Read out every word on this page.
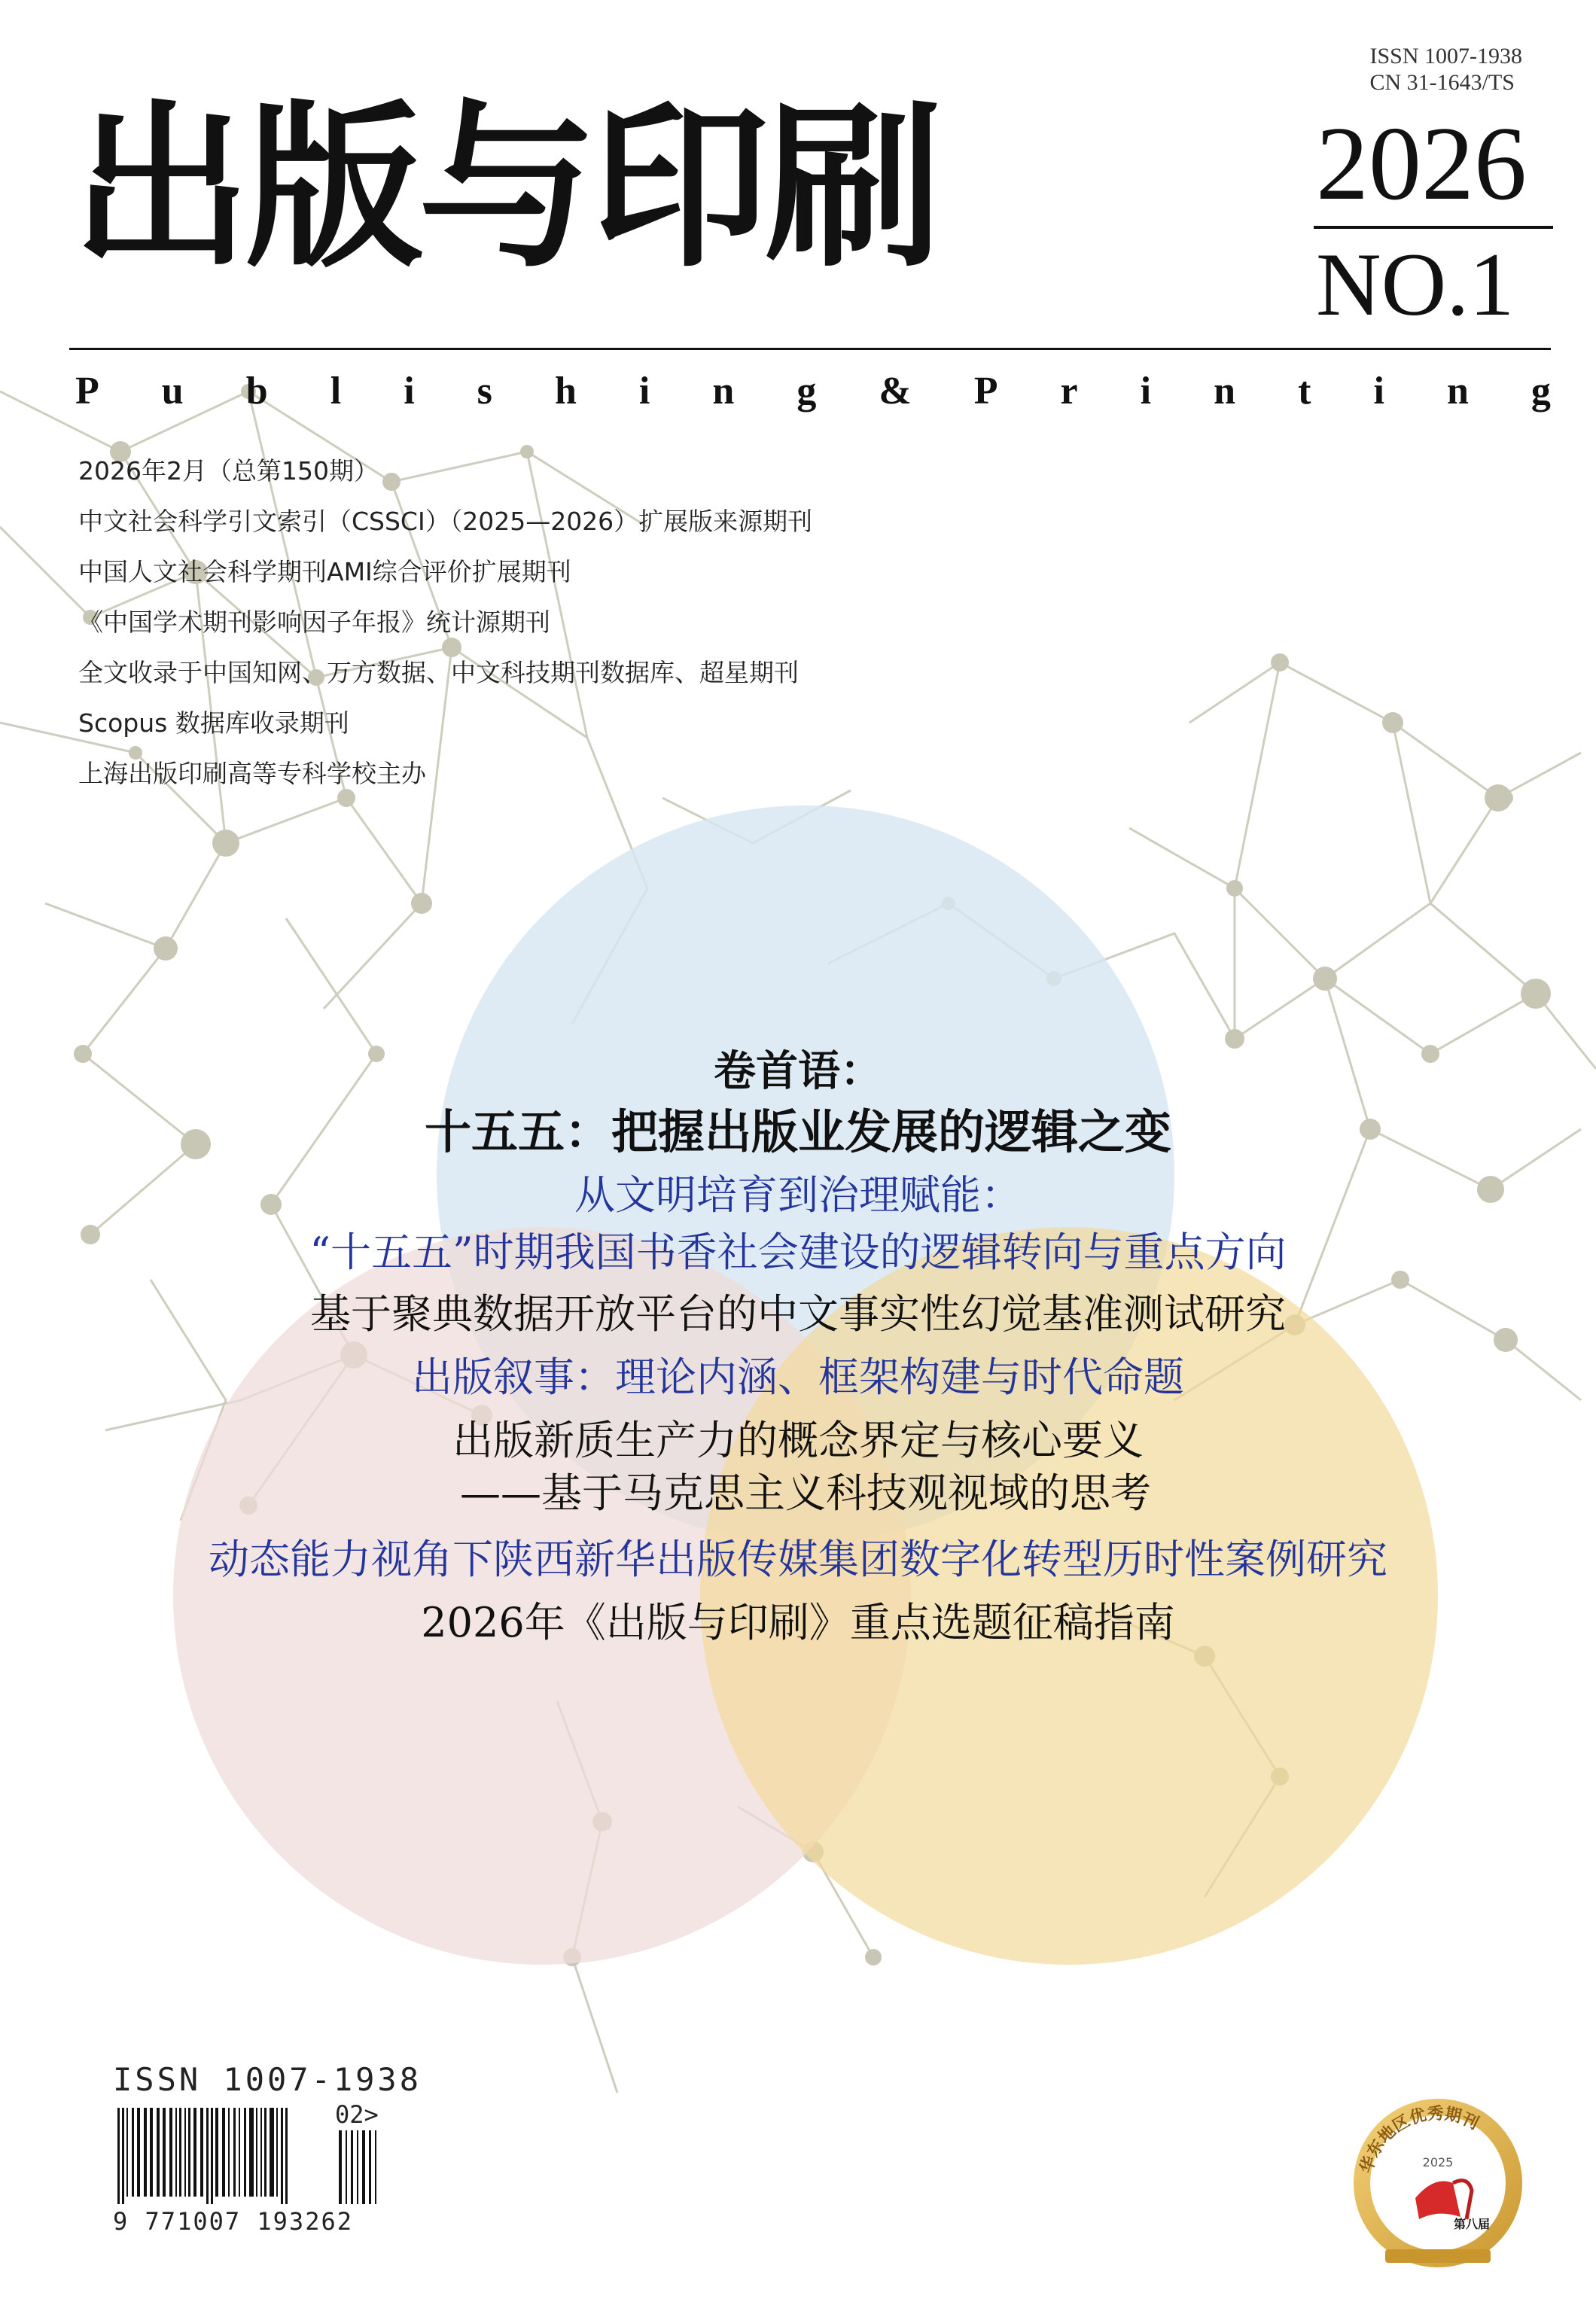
出版与印刷
ISSN 1007-1938
CN 31-1643/TS
2026
NO.1
P u b l i s h i n g & P r i n t i n g
2026年2月（总第150期）
中文社会科学引文索引（CSSCI）（2025—2026）扩展版来源期刊
中国人文社会科学期刊AMI综合评价扩展期刊
《中国学术期刊影响因子年报》统计源期刊
全文收录于中国知网、万方数据、中文科技期刊数据库、超星期刊
Scopus 数据库收录期刊
上海出版印刷高等专科学校主办
卷首语：
十五五：把握出版业发展的逻辑之变
从文明培育到治理赋能：
“十五五”时期我国书香社会建设的逻辑转向与重点方向
基于聚典数据开放平台的中文事实性幻觉基准测试研究
出版叙事：理论内涵、框架构建与时代命题
出版新质生产力的概念界定与核心要义
——基于马克思主义科技观视域的思考
动态能力视角下陕西新华出版传媒集团数字化转型历时性案例研究
2026年《出版与印刷》重点选题征稿指南
ISSN 1007-1938
02>
9 771007 193262
华东地区优秀期刊
2025
第八届
